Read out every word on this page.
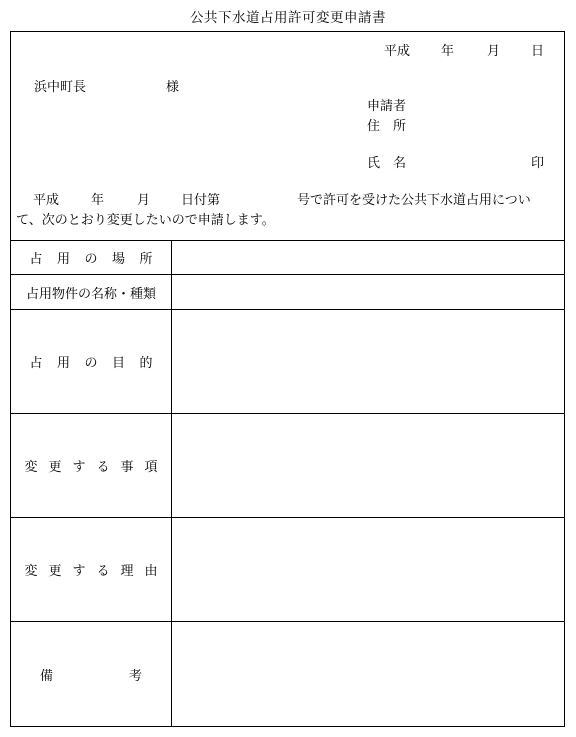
公共下水道占用許可変更申請書
平成 年	月 日
浜中町長	様
申請者
住　所
氏　名	印
平成 年	月 日付第	号で許可を受けた公共下水道占用につい
て、次のとおり変更したいので申請します。
占用の場所
占用物件の名称・種類
占用の目的
変更する事項
変更する理由
備	考
